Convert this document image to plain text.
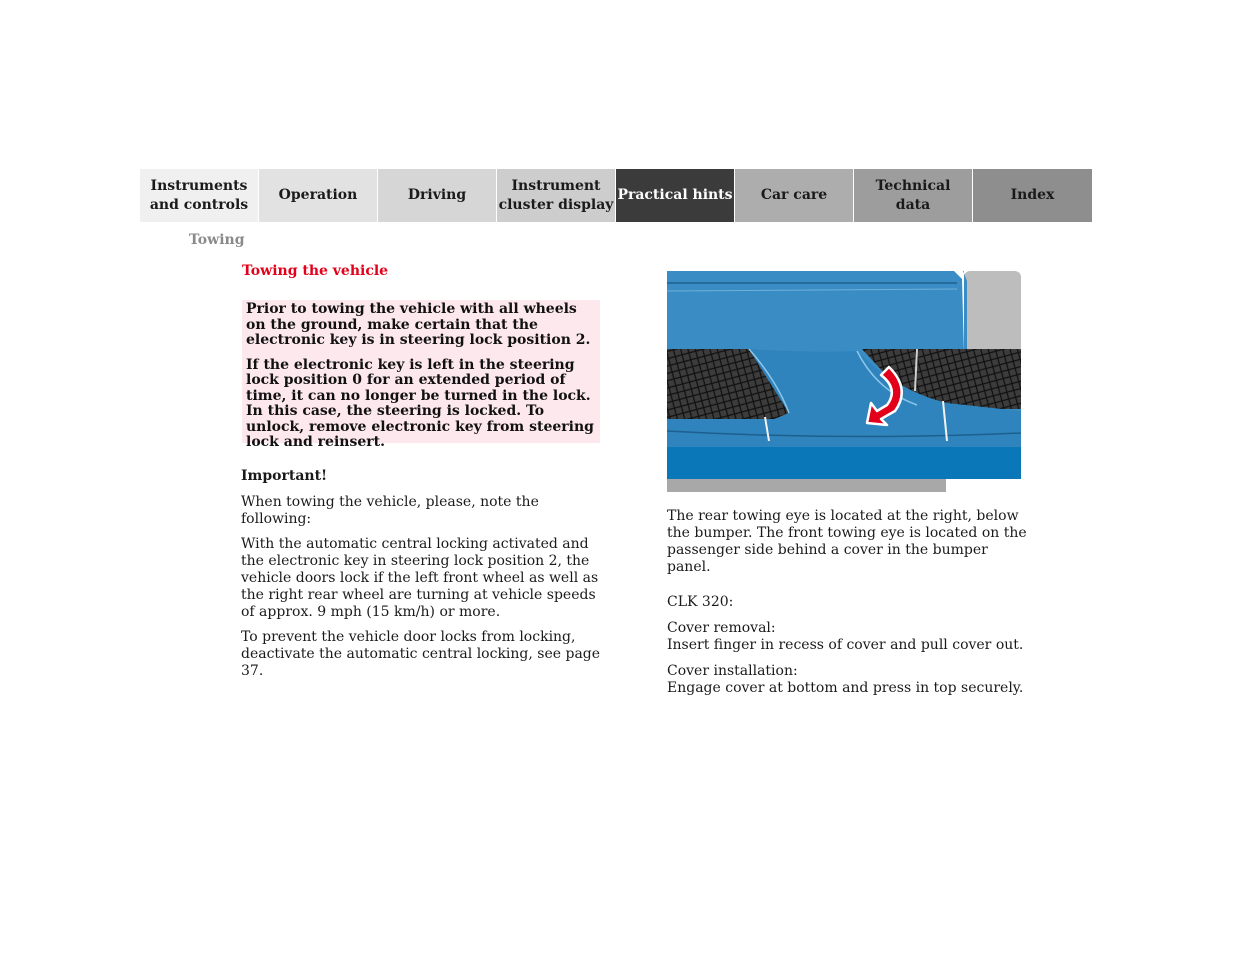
Instruments
and controls
Operation	Driving
Instrument
cluster display
Practical hints	Car care
Technical
data
Index
Towing
Towing the vehicle

Prior to towing the vehicle with all wheels on the ground, make certain that the electronic key is in steering lock position 2.

If the electronic key is left in the steering lock position 0 for an extended period of time, it can no longer be turned in the lock. In this case, the steering is locked. To unlock, remove electronic key from steering lock and reinsert.

Important!

When towing the vehicle, please, note the following:

With the automatic central locking activated and the electronic key in steering lock position 2, the vehicle doors lock if the left front wheel as well as the right rear wheel are turning at vehicle speeds of approx. 9 mph (15 km/h) or more.

To prevent the vehicle door locks from locking, deactivate the automatic central locking, see page 37.

The rear towing eye is located at the right, below the bumper. The front towing eye is located on the passenger side behind a cover in the bumper panel.

CLK 320:

Cover removal:
Insert finger in recess of cover and pull cover out.

Cover installation:
Engage cover at bottom and press in top securely.
